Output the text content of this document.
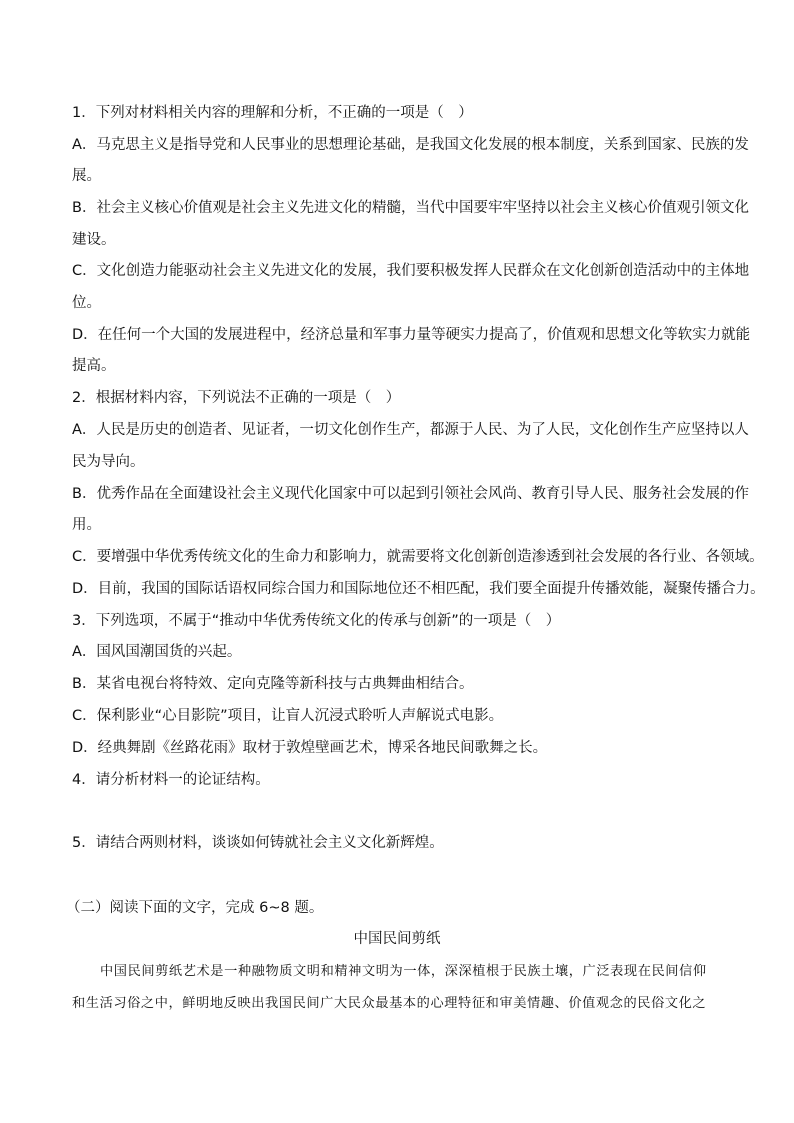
1．下列对材料相关内容的理解和分析，不正确的一项是（　）
A．马克思主义是指导党和人民事业的思想理论基础，是我国文化发展的根本制度，关系到国家、民族的发
展。
B．社会主义核心价值观是社会主义先进文化的精髓，当代中国要牢牢坚持以社会主义核心价值观引领文化
建设。
C．文化创造力能驱动社会主义先进文化的发展，我们要积极发挥人民群众在文化创新创造活动中的主体地
位。
D．在任何一个大国的发展进程中，经济总量和军事力量等硬实力提高了，价值观和思想文化等软实力就能
提高。
2．根据材料内容，下列说法不正确的一项是（　）
A．人民是历史的创造者、见证者，一切文化创作生产，都源于人民、为了人民，文化创作生产应坚持以人
民为导向。
B．优秀作品在全面建设社会主义现代化国家中可以起到引领社会风尚、教育引导人民、服务社会发展的作
用。
C．要增强中华优秀传统文化的生命力和影响力，就需要将文化创新创造渗透到社会发展的各行业、各领域。
D．目前，我国的国际话语权同综合国力和国际地位还不相匹配，我们要全面提升传播效能，凝聚传播合力。
3．下列选项，不属于“推动中华优秀传统文化的传承与创新”的一项是（　）
A．国风国潮国货的兴起。
B．某省电视台将特效、定向克隆等新科技与古典舞曲相结合。
C．保利影业“心目影院”项目，让盲人沉浸式聆听人声解说式电影。
D．经典舞剧《丝路花雨》取材于敦煌壁画艺术，博采各地民间歌舞之长。
4．请分析材料一的论证结构。
5．请结合两则材料，谈谈如何铸就社会主义文化新辉煌。
（二）阅读下面的文字，完成 6~8 题。
中国民间剪纸
中国民间剪纸艺术是一种融物质文明和精神文明为一体，深深植根于民族土壤，广泛表现在民间信仰
和生活习俗之中，鲜明地反映出我国民间广大民众最基本的心理特征和审美情趣、价值观念的民俗文化之
